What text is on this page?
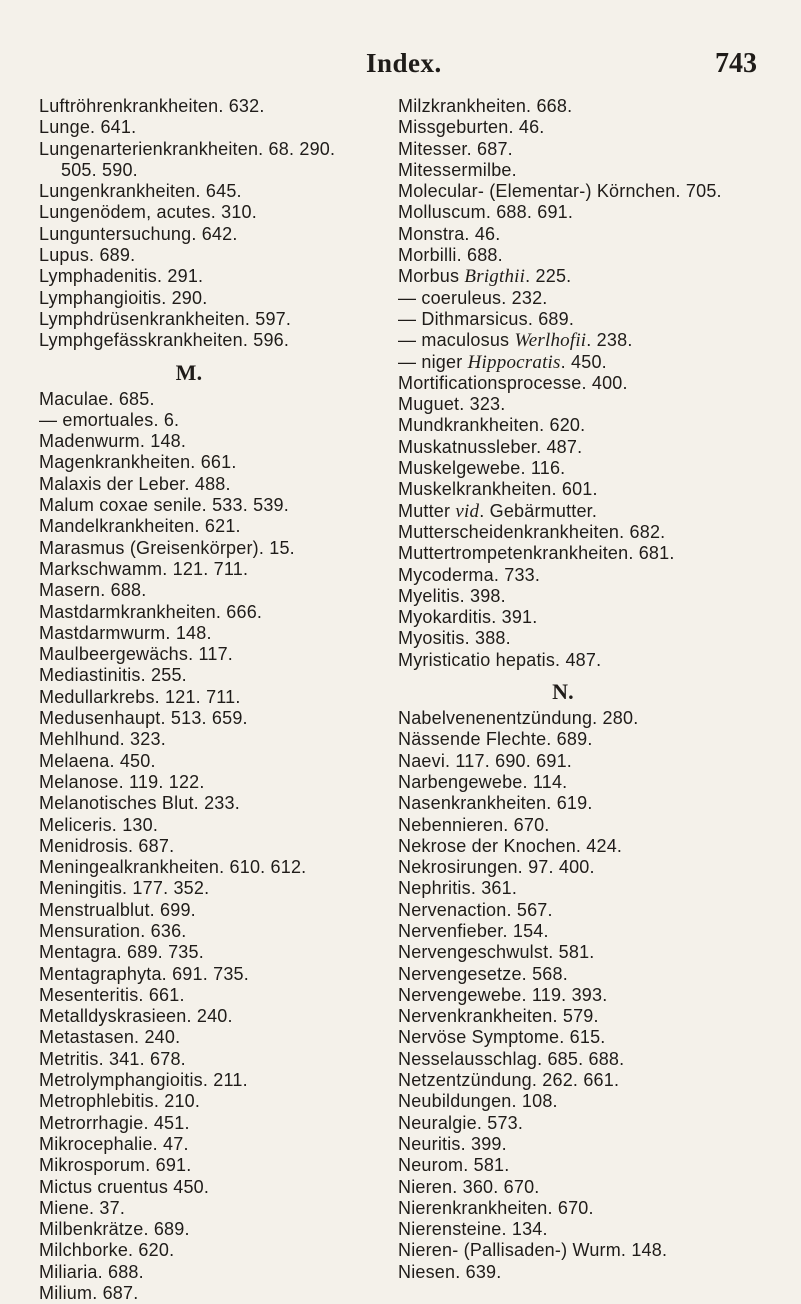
Index.	743
Luftröhrenkrankheiten. 632.
Lunge. 641.
Lungenarterienkrankheiten. 68. 290.
505. 590.
Lungenkrankheiten. 645.
Lungenödem, acutes. 310.
Lunguntersuchung. 642.
Lupus. 689.
Lymphadenitis. 291.
Lymphangioitis. 290.
Lymphdrüsenkrankheiten. 597.
Lymphgefässkrankheiten. 596.
M.
Maculae. 685.
— emortuales. 6.
Madenwurm. 148.
Magenkrankheiten. 661.
Malaxis der Leber. 488.
Malum coxae senile. 533. 539.
Mandelkrankheiten. 621.
Marasmus (Greisenkörper). 15.
Markschwamm. 121. 711.
Masern. 688.
Mastdarmkrankheiten. 666.
Mastdarmwurm. 148.
Maulbeergewächs. 117.
Mediastinitis. 255.
Medullarkrebs. 121. 711.
Medusenhaupt. 513. 659.
Mehlhund. 323.
Melaena. 450.
Melanose. 119. 122.
Melanotisches Blut. 233.
Meliceris. 130.
Menidrosis. 687.
Meningealkrankheiten. 610. 612.
Meningitis. 177. 352.
Menstrualblut. 699.
Mensuration. 636.
Mentagra. 689. 735.
Mentagraphyta. 691. 735.
Mesenteritis. 661.
Metalldyskrasieen. 240.
Metastasen. 240.
Metritis. 341. 678.
Metrolymphangioitis. 211.
Metrophlebitis. 210.
Metrorrhagie. 451.
Mikrocephalie. 47.
Mikrosporum. 691.
Mictus cruentus 450.
Miene. 37.
Milbenkrätze. 689.
Milchborke. 620.
Miliaria. 688.
Milium. 687.
Milzkrankheiten. 668.
Missgeburten. 46.
Mitesser. 687.
Mitessermilbe.
Molecular- (Elementar-) Körnchen. 705.
Molluscum. 688. 691.
Monstra. 46.
Morbilli. 688.
Morbus Brigthii. 225.
— coeruleus. 232.
— Dithmarsicus. 689.
— maculosus Werlhofii. 238.
— niger Hippocratis. 450.
Mortificationsprocesse. 400.
Muguet. 323.
Mundkrankheiten. 620.
Muskatnussleber. 487.
Muskelgewebe. 116.
Muskelkrankheiten. 601.
Mutter vid. Gebärmutter.
Mutterscheidenkrankheiten. 682.
Muttertrompetenkrankheiten. 681.
Mycoderma. 733.
Myelitis. 398.
Myokarditis. 391.
Myositis. 388.
Myristicatio hepatis. 487.
N.
Nabelvenenentzündung. 280.
Nässende Flechte. 689.
Naevi. 117. 690. 691.
Narbengewebe. 114.
Nasenkrankheiten. 619.
Nebennieren. 670.
Nekrose der Knochen. 424.
Nekrosirungen. 97. 400.
Nephritis. 361.
Nervenaction. 567.
Nervenfieber. 154.
Nervengeschwulst. 581.
Nervengesetze. 568.
Nervengewebe. 119. 393.
Nervenkrankheiten. 579.
Nervöse Symptome. 615.
Nesselausschlag. 685. 688.
Netzentzündung. 262. 661.
Neubildungen. 108.
Neuralgie. 573.
Neuritis. 399.
Neurom. 581.
Nieren. 360. 670.
Nierenkrankheiten. 670.
Nierensteine. 134.
Nieren- (Pallisaden-) Wurm. 148.
Niesen. 639.
